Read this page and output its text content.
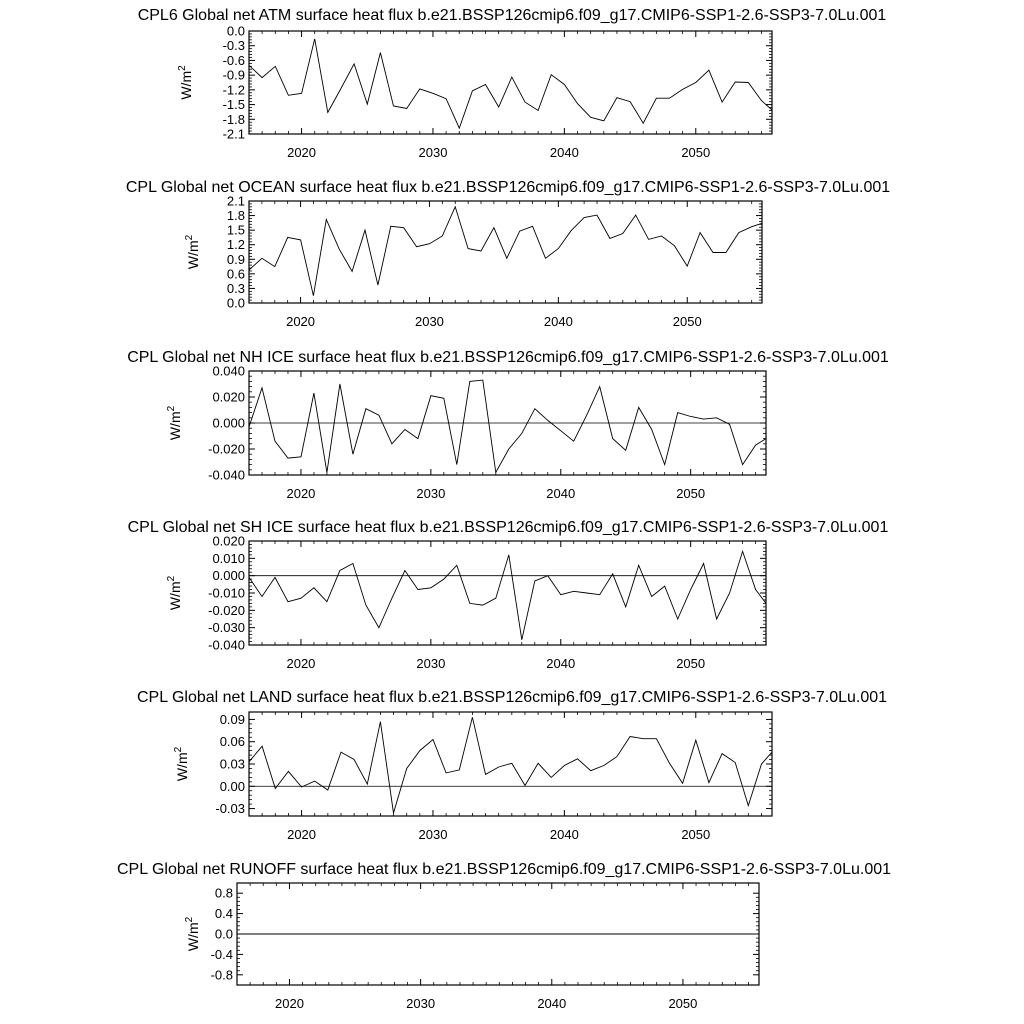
CPL6 Global net ATM surface heat flux b.e21.BSSP126cmip6.f09_g17.CMIP6-SSP1-2.6-SSP3-7.0Lu.001
$W/m^2$
0.0
-0.3
-0.6
-0.9
-1.2
-1.5
-1.8
-2.1
2020	2030	2040	2050
CPL Global net OCEAN surface heat flux b.e21.BSSP126cmip6.f09_g17.CMIP6-SSP1-2.6-SSP3-7.0Lu.001
$W/m^2$
2.1
1.8
1.5
1.2
0.9
0.6
0.3
0.0
2020	2030	2040	2050
CPL Global net NH ICE surface heat flux b.e21.BSSP126cmip6.f09_g17.CMIP6-SSP1-2.6-SSP3-7.0Lu.001
$W/m^2$
0.040
0.020
0.000
-0.020
-0.040
2020	2030	2040	2050
CPL Global net SH ICE surface heat flux b.e21.BSSP126cmip6.f09_g17.CMIP6-SSP1-2.6-SSP3-7.0Lu.001
$W/m^2$
0.020
0.010
0.000
-0.010
-0.020
-0.030
-0.040
2020	2030	2040	2050
CPL Global net LAND surface heat flux b.e21.BSSP126cmip6.f09_g17.CMIP6-SSP1-2.6-SSP3-7.0Lu.001
$W/m^2$
0.09
0.06
0.03
0.00
-0.03
2020	2030	2040	2050
CPL Global net RUNOFF surface heat flux b.e21.BSSP126cmip6.f09_g17.CMIP6-SSP1-2.6-SSP3-7.0Lu.001
$W/m^2$
0.8
0.4
0.0
-0.4
-0.8
2020	2030	2040	2050
